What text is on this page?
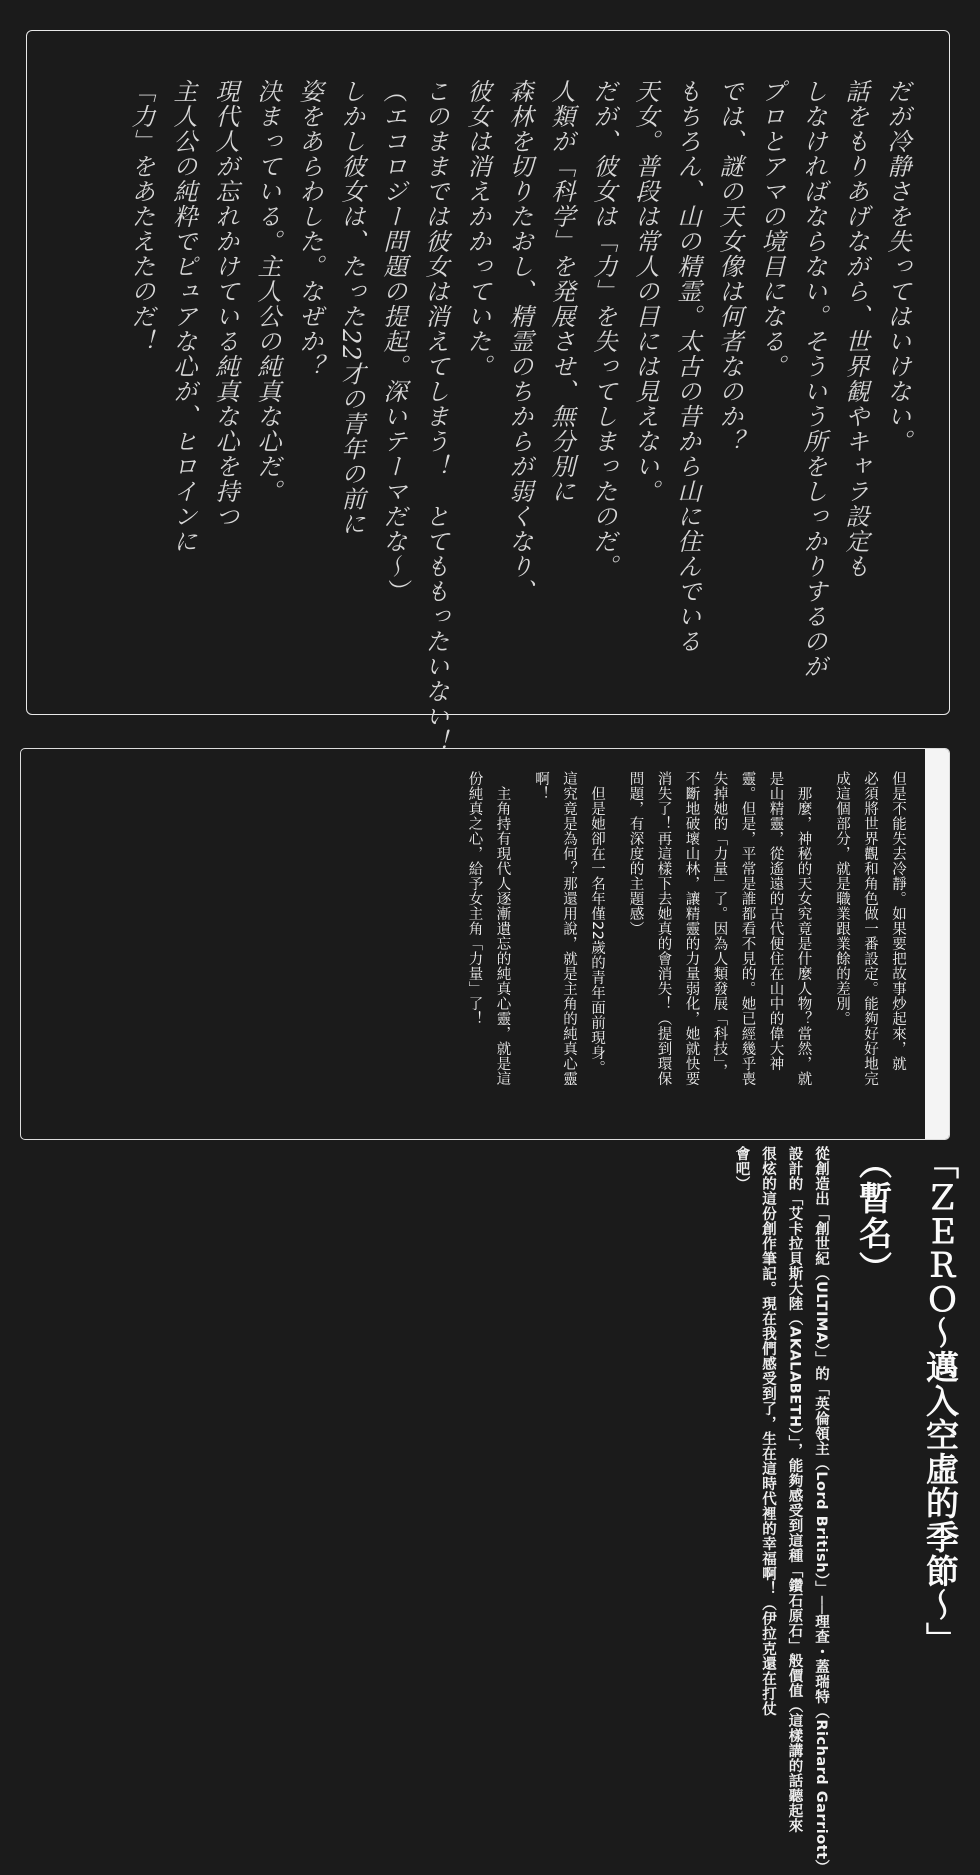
だが冷静さを失ってはいけない。
話をもりあげながら、世界観やキャラ設定も
しなければならない。そういう所をしっかりするのが
プロとアマの境目になる。
では、謎の天女像は何者なのか？
もちろん、山の精霊。太古の昔から山に住んでいる
天女。普段は常人の目には見えない。
だが、彼女は「力」を失ってしまったのだ。
人類が「科学」を発展させ、無分別に
森林を切りたおし、精霊のちからが弱くなり、
彼女は消えかかっていた。
このままでは彼女は消えてしまう！　とてももったいない！
（エコロジー問題の提起。深いテーマだな～）
しかし彼女は、たった22才の青年の前に
姿をあらわした。なぜか？
決まっている。主人公の純真な心だ。
現代人が忘れかけている純真な心を持つ
主人公の純粋でピュアな心が、ヒロインに
「力」をあたえたのだ！
但是不能失去冷靜。如果要把故事炒起來，就
必須將世界觀和角色做一番設定。能夠好好地完
成這個部分，就是職業跟業餘的差別。
　那麼，神秘的天女究竟是什麼人物？當然，就
是山精靈，從遙遠的古代便住在山中的偉大神
靈。但是，平常是誰都看不見的。她已經幾乎喪
失掉她的「力量」了。因為人類發展「科技」，
不斷地破壞山林，讓精靈的力量弱化，她就快要
消失了！再這樣下去她真的會消失！（提到環保
問題，有深度的主題感）
　但是她卻在一名年僅22歲的青年面前現身。
這究竟是為何？那還用說，就是主角的純真心靈
啊！
　主角持有現代人逐漸遺忘的純真心靈，就是這
份純真之心，給予女主角「力量」了！
「ＺＥＲＯ～邁入空虛的季節～」
（暫名）
從創造出「創世紀（ULTIMA）」的「英倫領主（Lord British）」──理查・蓋瑞特（Richard Garriott）
設計的「艾卡拉貝斯大陸（AKALABETH）」，能夠感受到這種「鑽石原石」般價值（這樣講的話聽起來
很炫的這份創作筆記。現在我們感受到了，生在這時代裡的幸福啊！（伊拉克還在打仗
會吧）
